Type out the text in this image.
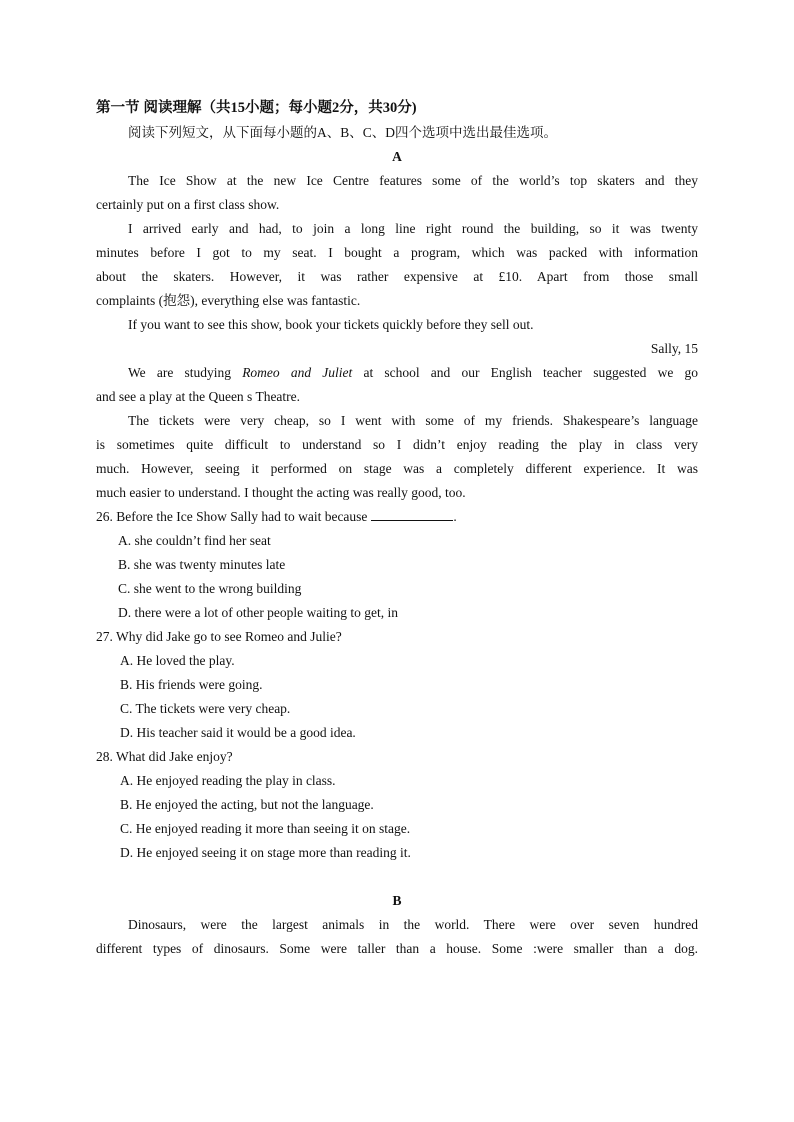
第一节 阅读理解（共15小题；每小题2分，共30分)
阅读下列短文，从下面每小题的A、B、C、D四个选项中选出最佳选项。
A
The Ice Show at the new Ice Centre features some of the world’s top skaters and they
certainly put on a first class show.
I arrived early and had, to join a long line right round the building, so it was twenty
minutes before I got to my seat. I bought a program, which was packed with information
about the skaters. However, it was rather expensive at £10. Apart from those small
complaints (抱怨), everything else was fantastic.
If you want to see this show, book your tickets quickly before they sell out.
Sally, 15
We are studying Romeo and Juliet at school and our English teacher suggested we go
and see a play at the Queen s Theatre.
The tickets were very cheap, so I went with some of my friends. Shakespeare’s language
is sometimes quite difficult to understand so I didn’t enjoy reading the play in class very
much. However, seeing it performed on stage was a completely different experience. It was
much easier to understand. I thought the acting was really good, too.
26. Before the Ice Show Sally had to wait because	.
A. she couldn’t find her seat
B. she was twenty minutes late
C. she went to the wrong building
D. there were a lot of other people waiting to get, in
27. Why did Jake go to see Romeo and Julie?
A. He loved the play.
B. His friends were going.
C. The tickets were very cheap.
D. His teacher said it would be a good idea.
28. What did Jake enjoy?
A. He enjoyed reading the play in class.
B. He enjoyed the acting, but not the language.
C. He enjoyed reading it more than seeing it on stage.
D. He enjoyed seeing it on stage more than reading it.
B
Dinosaurs, were the largest animals in the world. There were over seven hundred
different types of dinosaurs. Some were taller than a house. Some :were smaller than a dog.
